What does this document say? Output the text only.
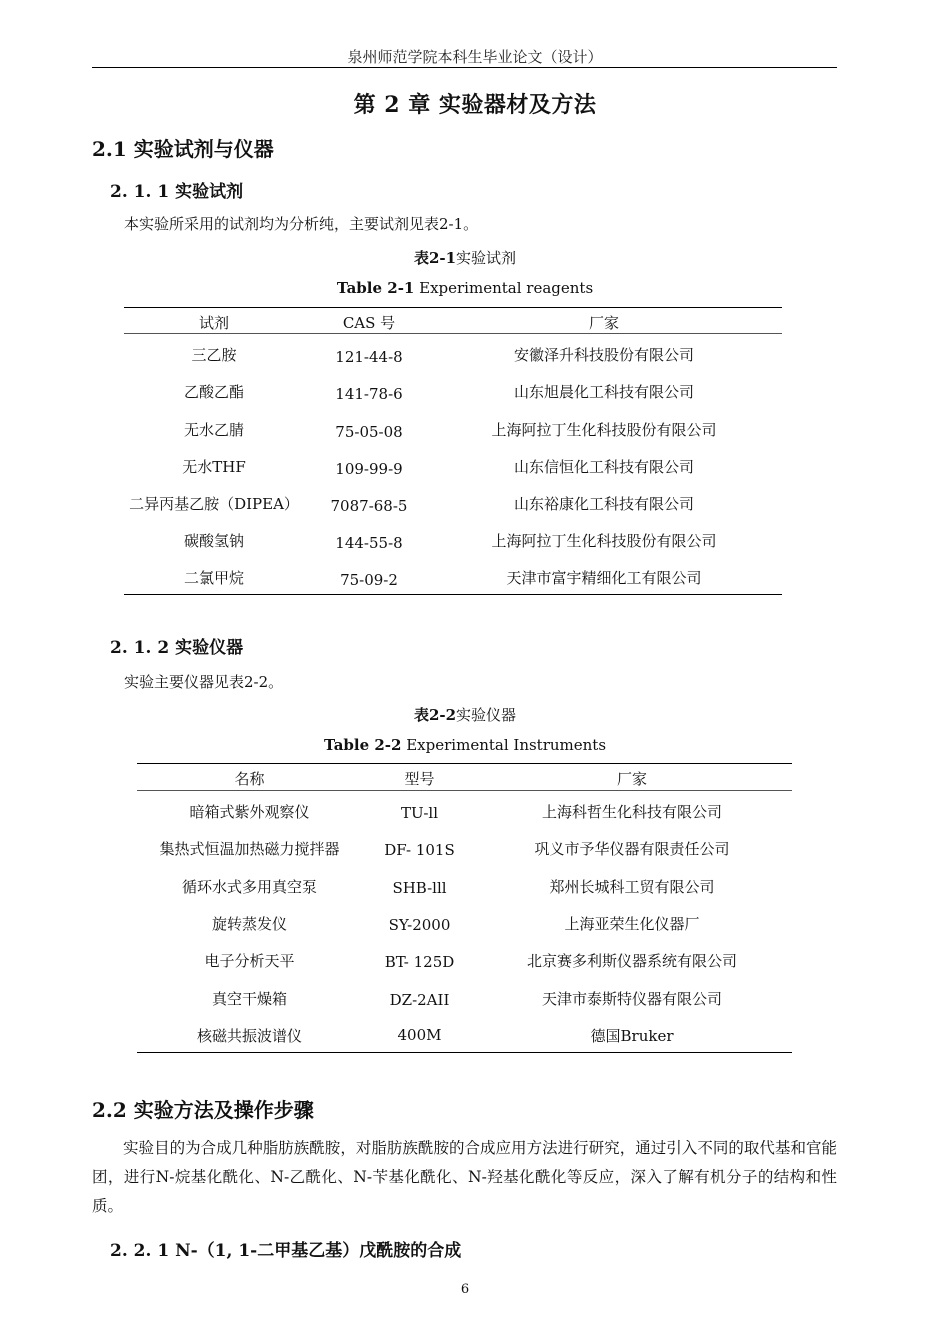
泉州师范学院本科生毕业论文（设计）
第 2 章 实验器材及方法
2.1 实验试剂与仪器
2. 1. 1 实验试剂
本实验所采用的试剂均为分析纯，主要试剂见表2-1。
表2-1实验试剂
Table 2-1 Experimental reagents
试剂	CAS 号	厂家
三乙胺	121-44-8	安徽泽升科技股份有限公司
乙酸乙酯	141-78-6	山东旭晨化工科技有限公司
无水乙腈	75-05-08	上海阿拉丁生化科技股份有限公司
无水THF	109-99-9	山东信恒化工科技有限公司
二异丙基乙胺（DIPEA）	7087-68-5	山东裕康化工科技有限公司
碳酸氢钠	144-55-8	上海阿拉丁生化科技股份有限公司
二氯甲烷	75-09-2	天津市富宇精细化工有限公司
2. 1. 2 实验仪器
实验主要仪器见表2-2。
表2-2实验仪器
Table 2-2 Experimental Instruments
名称	型号	厂家
暗箱式紫外观察仪	TU-ll	上海科哲生化科技有限公司
集热式恒温加热磁力搅拌器	DF- 101S	巩义市予华仪器有限责任公司
循环水式多用真空泵	SHB-lll	郑州长城科工贸有限公司
旋转蒸发仪	SY-2000	上海亚荣生化仪器厂
电子分析天平	BT- 125D	北京赛多利斯仪器系统有限公司
真空干燥箱	DZ-2AII	天津市泰斯特仪器有限公司
核磁共振波谱仪	400M	德国Bruker
2.2 实验方法及操作步骤
实验目的为合成几种脂肪族酰胺，对脂肪族酰胺的合成应用方法进行研究，通过引入不同的取代基和官能团，进行N-烷基化酰化、N-乙酰化、N-苄基化酰化、N-羟基化酰化等反应，深入了解有机分子的结构和性质。
2. 2. 1 N-（1, 1-二甲基乙基）戊酰胺的合成
6
